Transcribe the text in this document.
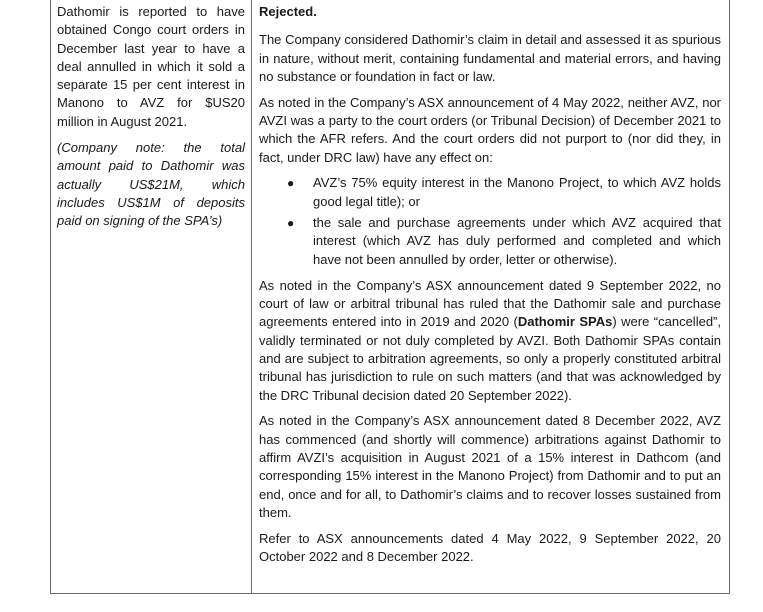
Dathomir is reported to have obtained Congo court orders in December last year to have a deal annulled in which it sold a separate 15 per cent interest in Manono to AVZ for $US20 million in August 2021.

(Company note: the total amount paid to Dathomir was actually US$21M, which includes US$1M of deposits paid on signing of the SPA’s)

Rejected.

The Company considered Dathomir’s claim in detail and assessed it as spurious in nature, without merit, containing fundamental and material errors, and having no substance or foundation in fact or law.

As noted in the Company’s ASX announcement of 4 May 2022, neither AVZ, nor AVZI was a party to the court orders (or Tribunal Decision) of December 2021 to which the AFR refers. And the court orders did not purport to (nor did they, in fact, under DRC law) have any effect on:

● AVZ’s 75% equity interest in the Manono Project, to which AVZ holds good legal title); or
● the sale and purchase agreements under which AVZ acquired that interest (which AVZ has duly performed and completed and which have not been annulled by order, letter or otherwise).

As noted in the Company’s ASX announcement dated 9 September 2022, no court of law or arbitral tribunal has ruled that the Dathomir sale and purchase agreements entered into in 2019 and 2020 (Dathomir SPAs) were “cancelled”, validly terminated or not duly completed by AVZI. Both Dathomir SPAs contain and are subject to arbitration agreements, so only a properly constituted arbitral tribunal has jurisdiction to rule on such matters (and that was acknowledged by the DRC Tribunal decision dated 20 September 2022).

As noted in the Company’s ASX announcement dated 8 December 2022, AVZ has commenced (and shortly will commence) arbitrations against Dathomir to affirm AVZI’s acquisition in August 2021 of a 15% interest in Dathcom (and corresponding 15% interest in the Manono Project) from Dathomir and to put an end, once and for all, to Dathomir’s claims and to recover losses sustained from them.

Refer to ASX announcements dated 4 May 2022, 9 September 2022, 20 October 2022 and 8 December 2022.
